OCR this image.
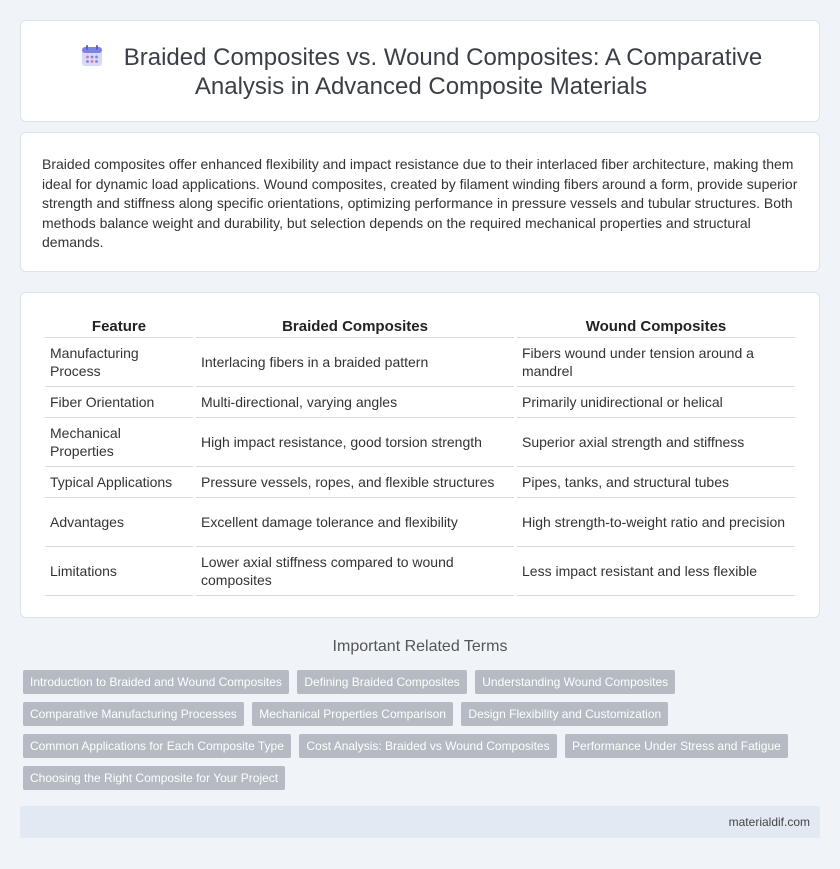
Braided Composites vs. Wound Composites: A Comparative
Analysis in Advanced Composite Materials

Braided composites offer enhanced flexibility and impact resistance due to their interlaced fiber architecture, making them ideal for dynamic load applications. Wound composites, created by filament winding fibers around a form, provide superior strength and stiffness along specific orientations, optimizing performance in pressure vessels and tubular structures. Both methods balance weight and durability, but selection depends on the required mechanical properties and structural demands.

Feature	Braided Composites	Wound Composites
Manufacturing Process	Interlacing fibers in a braided pattern	Fibers wound under tension around a mandrel
Fiber Orientation	Multi-directional, varying angles	Primarily unidirectional or helical
Mechanical Properties	High impact resistance, good torsion strength	Superior axial strength and stiffness
Typical Applications	Pressure vessels, ropes, and flexible structures	Pipes, tanks, and structural tubes
Advantages	Excellent damage tolerance and flexibility	High strength-to-weight ratio and precision
Limitations	Lower axial stiffness compared to wound composites	Less impact resistant and less flexible
Important Related Terms
Introduction to Braided and Wound Composites Defining Braided Composites Understanding Wound Composites
Comparative Manufacturing Processes Mechanical Properties Comparison Design Flexibility and Customization
Common Applications for Each Composite Type Cost Analysis: Braided vs Wound Composites Performance Under Stress and Fatigue
Choosing the Right Composite for Your Project
materialdif.com
